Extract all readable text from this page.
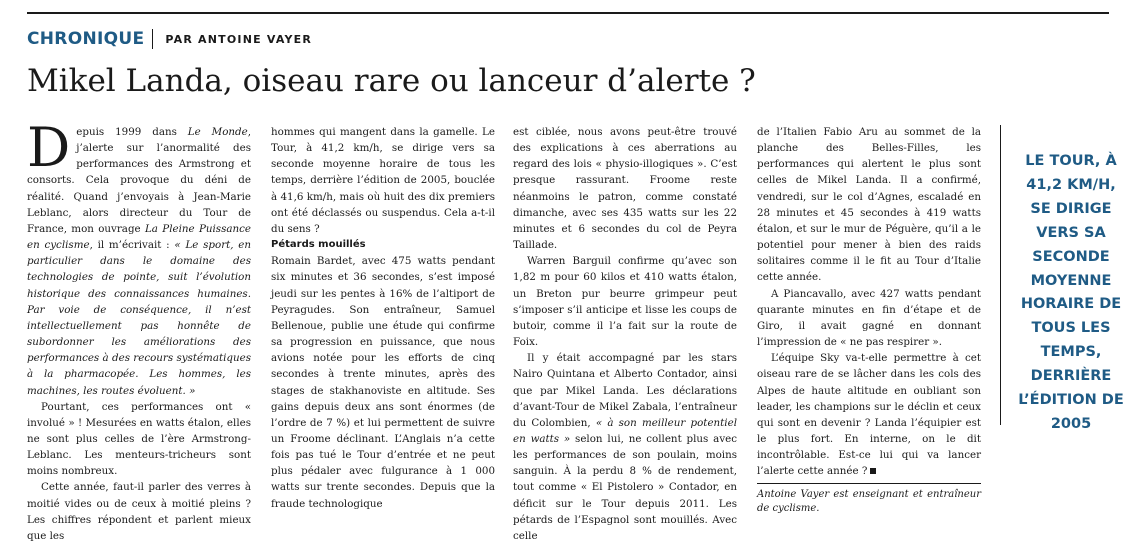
CHRONIQUE PAR ANTOINE VAYER
Mikel Landa, oiseau rare ou lanceur d’alerte ?

Depuis 1999 dans Le Monde, j’alerte sur l’anormalité des performances des Armstrong et consorts. Cela provoque du déni de réalité. Quand j’envoyais à Jean-Marie Leblanc, alors directeur du Tour de France, mon ouvrage La Pleine Puissance en cyclisme, il m’écrivait : « Le sport, en particulier dans le domaine des technologies de pointe, suit l’évolution historique des connaissances humaines. Par voie de conséquence, il n’est intellectuellement pas honnête de subordonner les améliorations des performances à des recours systématiques à la pharmacopée. Les hommes, les machines, les routes évoluent. »

Pourtant, ces performances ont « involué » ! Mesurées en watts étalon, elles ne sont plus celles de l’ère Armstrong-Leblanc. Les menteurs-tricheurs sont moins nombreux.

Cette année, faut-il parler des verres à moitié vides ou de ceux à moitié pleins ? Les chiffres répondent et parlent mieux que les

hommes qui mangent dans la gamelle. Le Tour, à 41,2 km/h, se dirige vers sa seconde moyenne horaire de tous les temps, derrière l’édition de 2005, bouclée à 41,6 km/h, mais où huit des dix premiers ont été déclassés ou suspendus. Cela a-t-il du sens ?

Pétards mouillés

Romain Bardet, avec 475 watts pendant six minutes et 36 secondes, s’est imposé jeudi sur les pentes à 16% de l’altiport de Peyragudes. Son entraîneur, Samuel Bellenoue, publie une étude qui confirme sa progression en puissance, que nous avions notée pour les efforts de cinq secondes à trente minutes, après des stages de stakhanoviste en altitude. Ses gains depuis deux ans sont énormes (de l’ordre de 7 %) et lui permettent de suivre un Froome déclinant. L’Anglais n’a cette fois pas tué le Tour d’entrée et ne peut plus pédaler avec fulgurance à 1 000 watts sur trente secondes. Depuis que la fraude technologique

est ciblée, nous avons peut-être trouvé des explications à ces aberrations au regard des lois « physio-illogiques ». C’est presque rassurant. Froome reste néanmoins le patron, comme constaté dimanche, avec ses 435 watts sur les 22 minutes et 6 secondes du col de Peyra Taillade.

Warren Barguil confirme qu’avec son 1,82 m pour 60 kilos et 410 watts étalon, un Breton pur beurre grimpeur peut s’imposer s’il anticipe et lisse les coups de butoir, comme il l’a fait sur la route de Foix.

Il y était accompagné par les stars Nairo Quintana et Alberto Contador, ainsi que par Mikel Landa. Les déclarations d’avant-Tour de Mikel Zabala, l’entraîneur du Colombien, « à son meilleur potentiel en watts » selon lui, ne collent plus avec les performances de son poulain, moins sanguin. À la perdu 8 % de rendement, tout comme « El Pistolero » Contador, en déficit sur le Tour depuis 2011. Les pétards de l’Espagnol sont mouillés. Avec celle

de l’Italien Fabio Aru au sommet de la planche des Belles-Filles, les performances qui alertent le plus sont celles de Mikel Landa. Il a confirmé, vendredi, sur le col d’Agnes, escaladé en 28 minutes et 45 secondes à 419 watts étalon, et sur le mur de Péguère, qu’il a le potentiel pour mener à bien des raids solitaires comme il le fit au Tour d’Italie cette année.

A Piancavallo, avec 427 watts pendant quarante minutes en fin d’étape et de Giro, il avait gagné en donnant l’impression de « ne pas respirer ».

L’équipe Sky va-t-elle permettre à cet oiseau rare de se lâcher dans les cols des Alpes de haute altitude en oubliant son leader, les champions sur le déclin et ceux qui sont en devenir ? Landa l’équipier est le plus fort. En interne, on le dit incontrôlable. Est-ce lui qui va lancer l’alerte cette année ?

Antoine Vayer est enseignant et entraîneur de cyclisme.
LE TOUR, À 41,2 KM/H, SE DIRIGE VERS SA SECONDE MOYENNE HORAIRE DE TOUS LES TEMPS, DERRIÈRE L’ÉDITION DE 2005
